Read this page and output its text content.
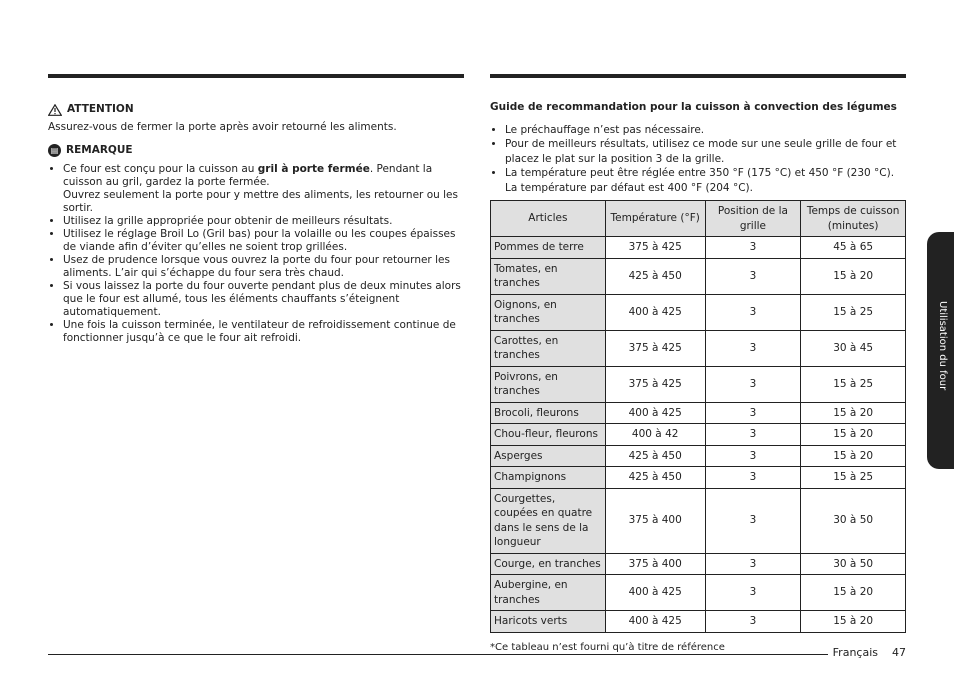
ATTENTION
Assurez-vous de fermer la porte après avoir retourné les aliments.
▤ REMARQUE
• Ce four est conçu pour la cuisson au gril à porte fermée. Pendant la cuisson au gril, gardez la porte fermée.
Ouvrez seulement la porte pour y mettre des aliments, les retourner ou les sortir.
• Utilisez la grille appropriée pour obtenir de meilleurs résultats.
• Utilisez le réglage Broil Lo (Gril bas) pour la volaille ou les coupes épaisses de viande afin d’éviter qu’elles ne soient trop grillées.
• Usez de prudence lorsque vous ouvrez la porte du four pour retourner les aliments. L’air qui s’échappe du four sera très chaud.
• Si vous laissez la porte du four ouverte pendant plus de deux minutes alors que le four est allumé, tous les éléments chauffants s’éteignent automatiquement.
• Une fois la cuisson terminée, le ventilateur de refroidissement continue de fonctionner jusqu’à ce que le four ait refroidi.
Guide de recommandation pour la cuisson à convection des légumes
• Le préchauffage n’est pas nécessaire.
• Pour de meilleurs résultats, utilisez ce mode sur une seule grille de four et placez le plat sur la position 3 de la grille.
• La température peut être réglée entre 350 °F (175 °C) et 450 °F (230 °C). La température par défaut est 400 °F (204 °C).
Articles	Température (°F)	Position de la grille	Temps de cuisson (minutes)
Pommes de terre	375 à 425	3	45 à 65
Tomates, en tranches	425 à 450	3	15 à 20
Oignons, en tranches	400 à 425	3	15 à 25
Carottes, en tranches	375 à 425	3	30 à 45
Poivrons, en tranches	375 à 425	3	15 à 25
Brocoli, fleurons	400 à 425	3	15 à 20
Chou-fleur, fleurons	400 à 42	3	15 à 20
Asperges	425 à 450	3	15 à 20
Champignons	425 à 450	3	15 à 25
Courgettes, coupées en quatre dans le sens de la longueur	375 à 400	3	30 à 50
Courge, en tranches	375 à 400	3	30 à 50
Aubergine, en tranches	400 à 425	3	15 à 20
Haricots verts	400 à 425	3	15 à 20
*Ce tableau n’est fourni qu’à titre de référence
Utilisation du four
Français 47
